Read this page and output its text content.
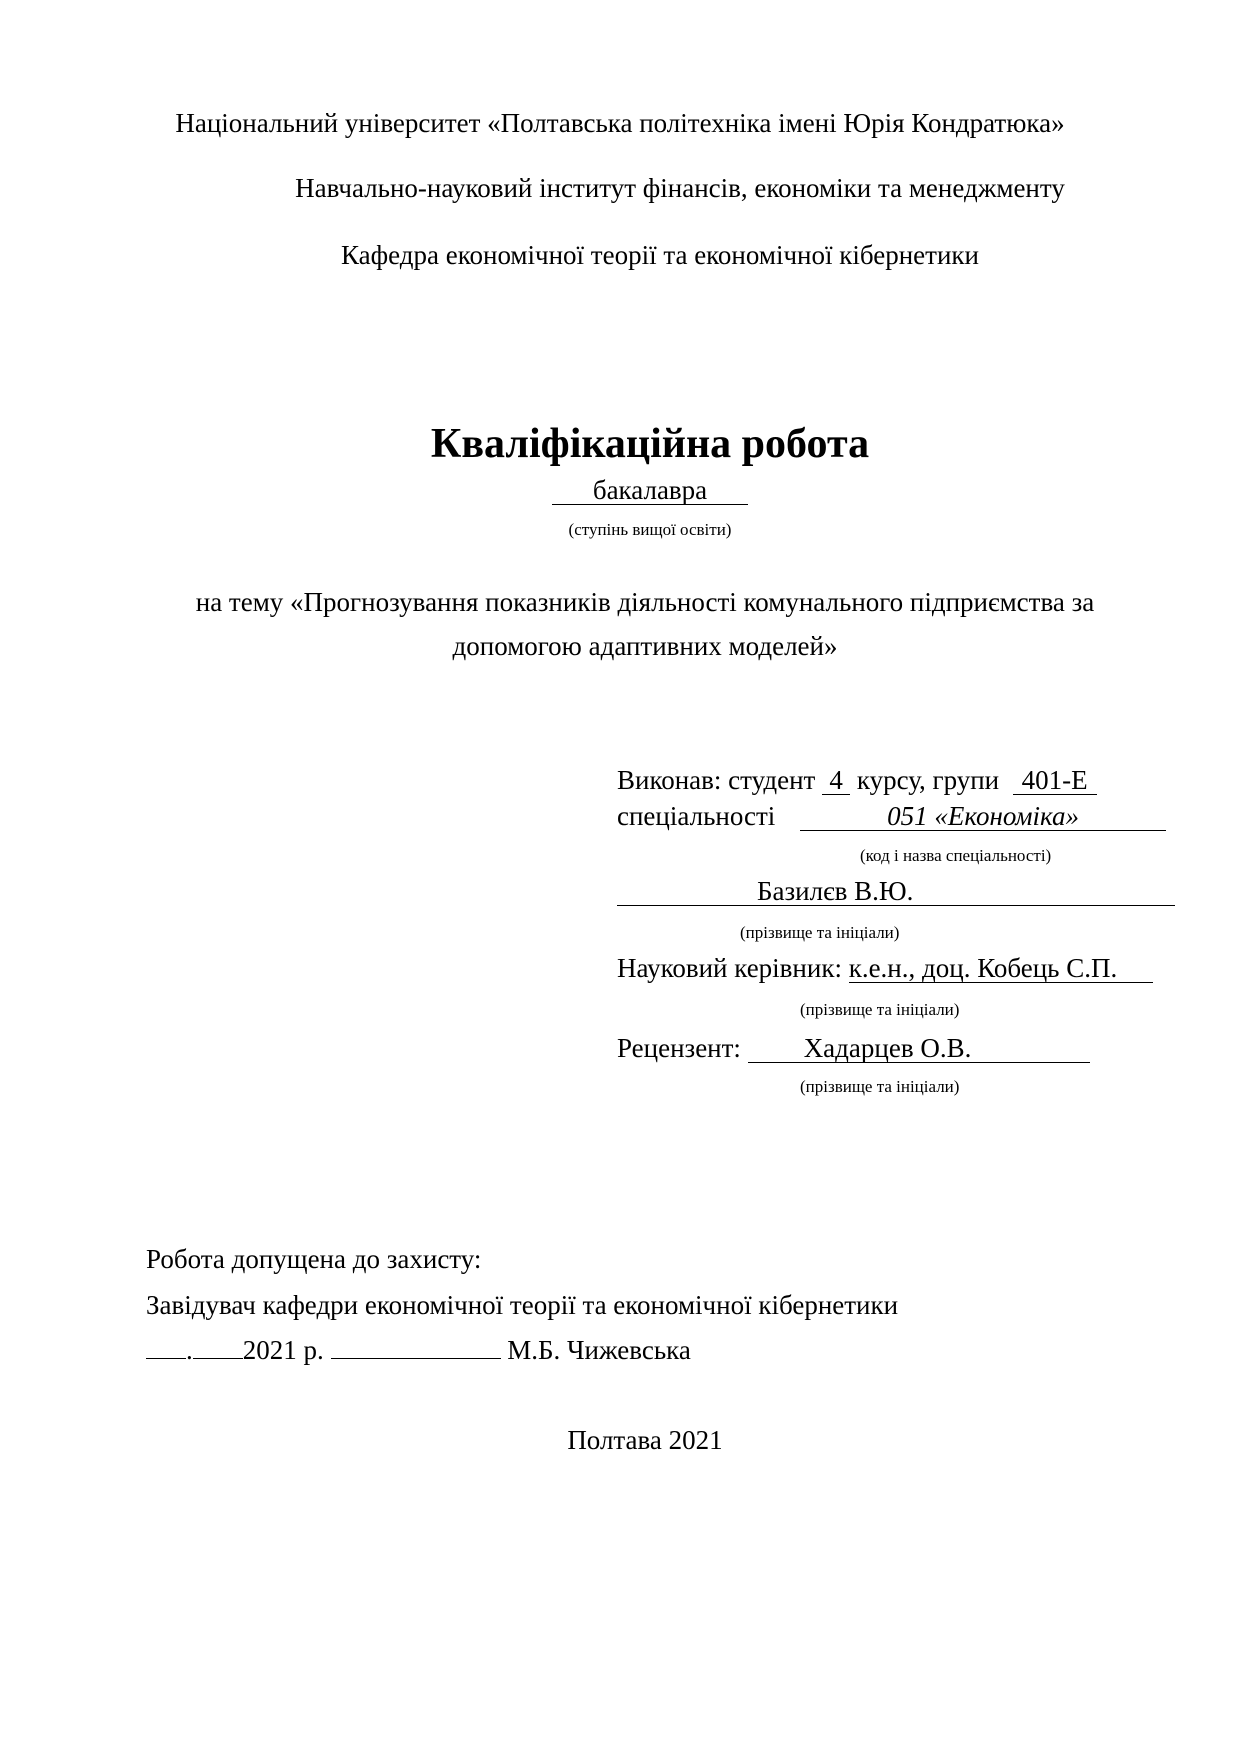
Національний університет «Полтавська політехніка імені Юрія Кондратюка»
Навчально-науковий інститут фінансів, економіки та менеджменту
Кафедра економічної теорії та економічної кібернетики
Кваліфікаційна робота
бакалавра
(ступінь вищої освіти)
на тему «Прогнозування показників діяльності комунального підприємства за
допомогою адаптивних моделей»
Виконав: студент 4 курсу, групи 401-Е
спеціальності	051 «Економіка»
(код і назва спеціальності)
Базилєв В.Ю.
(прізвище та ініціали)
Науковий керівник: к.е.н., доц. Кобець С.П.
(прізвище та ініціали)
Рецензент: Хадарцев О.В.
(прізвище та ініціали)
Робота допущена до захисту:
Завідувач кафедри економічної теорії та економічної кібернетики
. 2021 р.	М.Б. Чижевська
Полтава 2021
